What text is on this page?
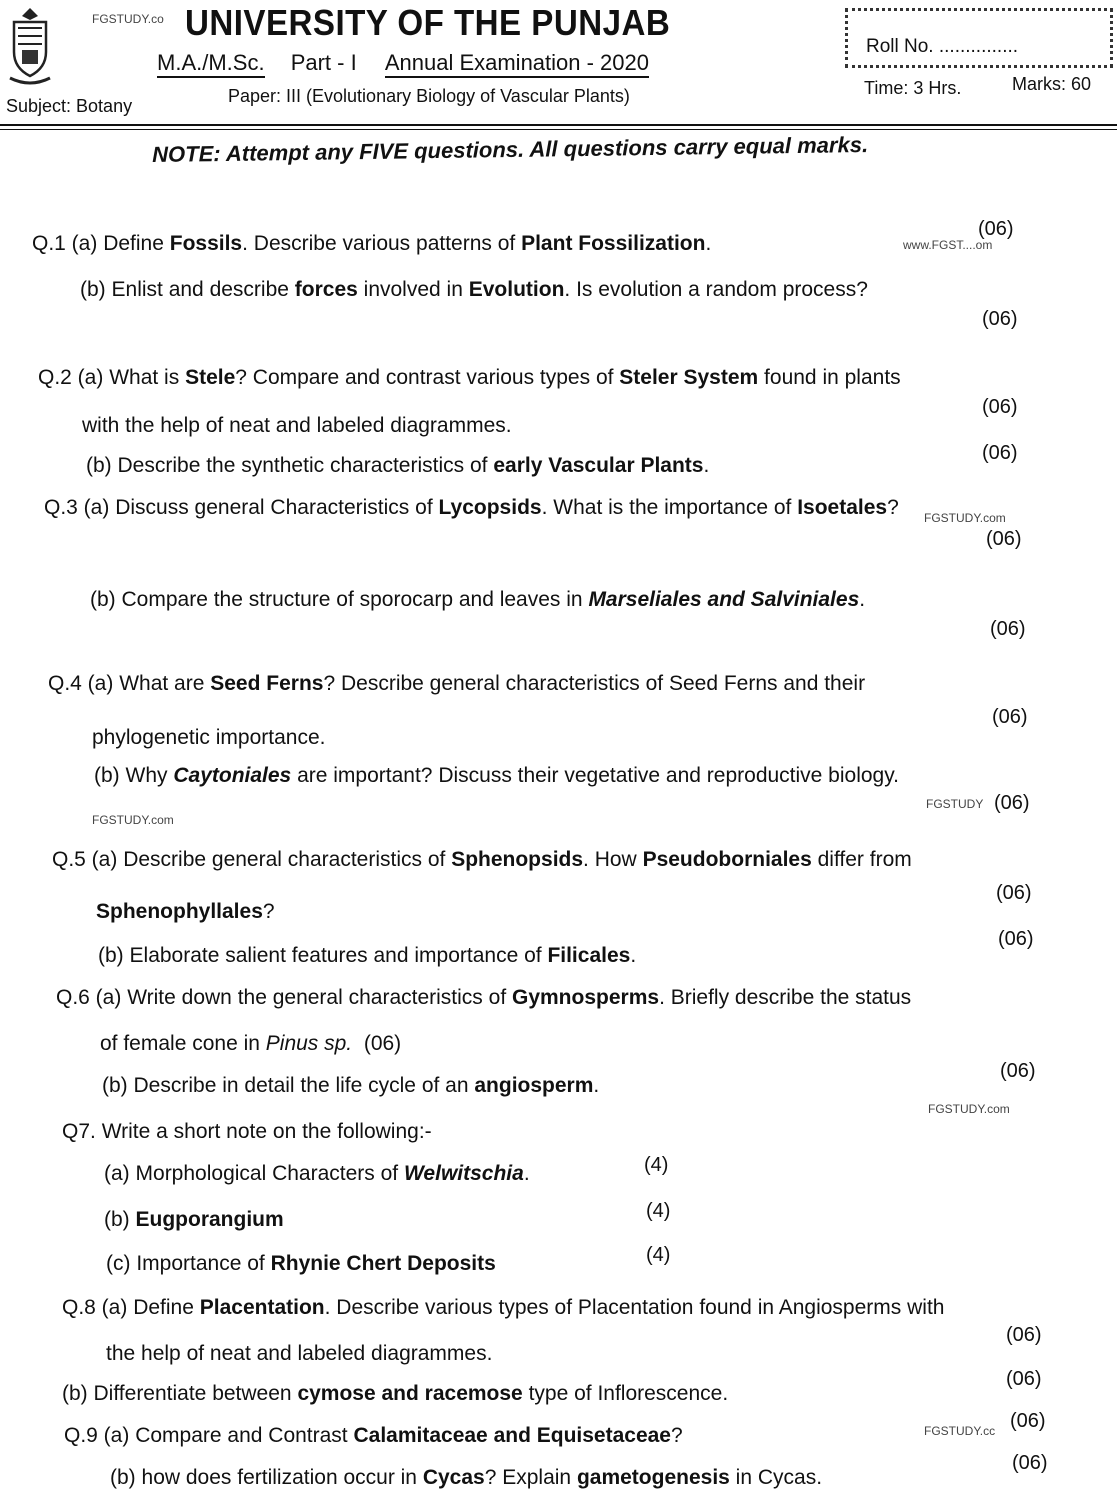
FGSTUDY.co UNIVERSITY OF THE PUNJAB
M.A./M.Sc. Part - I Annual Examination - 2020
Roll No. ...............
Subject: Botany	Paper: III (Evolutionary Biology of Vascular Plants)	Time: 3 Hrs.	Marks: 60
NOTE: Attempt any FIVE questions. All questions carry equal marks.
Q.1 (a) Define Fossils. Describe various patterns of Plant Fossilization.
(06)
www.FGST....om
(b) Enlist and describe forces involved in Evolution. Is evolution a random process?
(06)
Q.2 (a) What is Stele? Compare and contrast various types of Steler System found in plants
with the help of neat and labeled diagrammes.
(06)
(b) Describe the synthetic characteristics of early Vascular Plants.
(06)
Q.3 (a) Discuss general Characteristics of Lycopsids. What is the importance of Isoetales? FGSTUDY.com
(06)
(b) Compare the structure of sporocarp and leaves in Marseliales and Salviniales.
(06)
Q.4 (a) What are Seed Ferns? Describe general characteristics of Seed Ferns and their
phylogenetic importance.
(06)
(b) Why Caytoniales are important? Discuss their vegetative and reproductive biology.
FGSTUDY.com
FGSTUDY (06)
Q.5 (a) Describe general characteristics of Sphenopsids. How Pseudoborniales differ from
Sphenophyllales?
(06)
(b) Elaborate salient features and importance of Filicales.
(06)
Q.6 (a) Write down the general characteristics of Gymnosperms. Briefly describe the status
of female cone in Pinus sp. (06)
(b) Describe in detail the life cycle of an angiosperm.
(06)
FGSTUDY.com
Q7. Write a short note on the following:-
(a) Morphological Characters of Welwitschia.	(4)
(b) Eugporangium	(4)
(c) Importance of Rhynie Chert Deposits	(4)
Q.8 (a) Define Placentation. Describe various types of Placentation found in Angiosperms with
the help of neat and labeled diagrammes.
(06)
(b) Differentiate between cymose and racemose type of Inflorescence.
(06)
Q.9 (a) Compare and Contrast Calamitaceae and Equisetaceae?	FGSTUDY.cc (06)
(b) how does fertilization occur in Cycas? Explain gametogenesis in Cycas.
(06)
